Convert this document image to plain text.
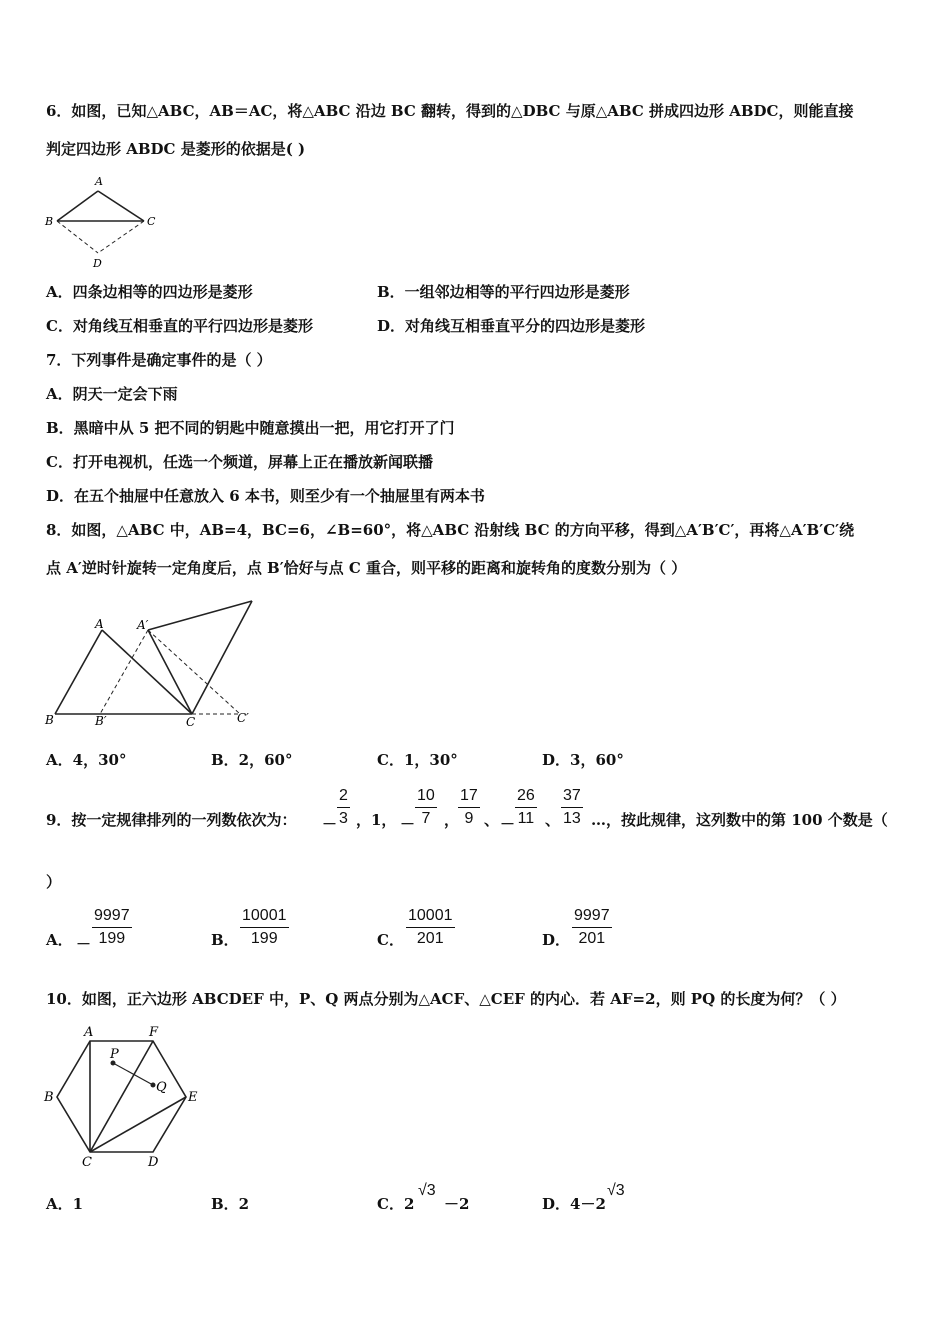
6．如图，已知△ABC，AB＝AC，将△ABC 沿边 BC 翻转，得到的△DBC 与原△ABC 拼成四边形 ABDC，则能直接
判定四边形 ABDC 是菱形的依据是( )
A
B	C
D
A．四条边相等的四边形是菱形	B．一组邻边相等的平行四边形是菱形
C．对角线互相垂直的平行四边形是菱形	D．对角线互相垂直平分的四边形是菱形
7．下列事件是确定事件的是（ ）
A．阴天一定会下雨
B．黑暗中从 5 把不同的钥匙中随意摸出一把，用它打开了门
C．打开电视机，任选一个频道，屏幕上正在播放新闻联播
D．在五个抽屉中任意放入 6 本书，则至少有一个抽屉里有两本书
8．如图，△ABC 中，AB=4，BC=6，∠B=60°，将△ABC 沿射线 BC 的方向平移，得到△A′B′C′，再将△A′B′C′绕
点 A′逆时针旋转一定角度后，点 B′恰好与点 C 重合，则平移的距离和旋转角的度数分别为（ ）
A	A′
B	B′	C	C′
A．4，30°	B．2，60°	C．1，30°	D．3，60°
9．按一定规律排列的一列数依次为： － $\frac{2}{3}$ ，1， － $\frac{10}{7}$ ，
$\frac{17}{9}$ 、 － $\frac{26}{11}$ 、 $\frac{37}{13}$ …，按此规律，这列数中的第 100 个数是（
）
A． － $\frac{9997}{199}$	B． $\frac{10001}{199}$	C． $\frac{10001}{201}$	D． $\frac{9997}{201}$
10．如图，正六边形 ABCDEF 中，P、Q 两点分别为△ACF、△CEF 的内心．若 AF=2，则 PQ 的长度为何？（ ）
A	F
B	E
C	D
P
Q
A．1	B．2	C．2
√3
－2	D．4－2
√3
